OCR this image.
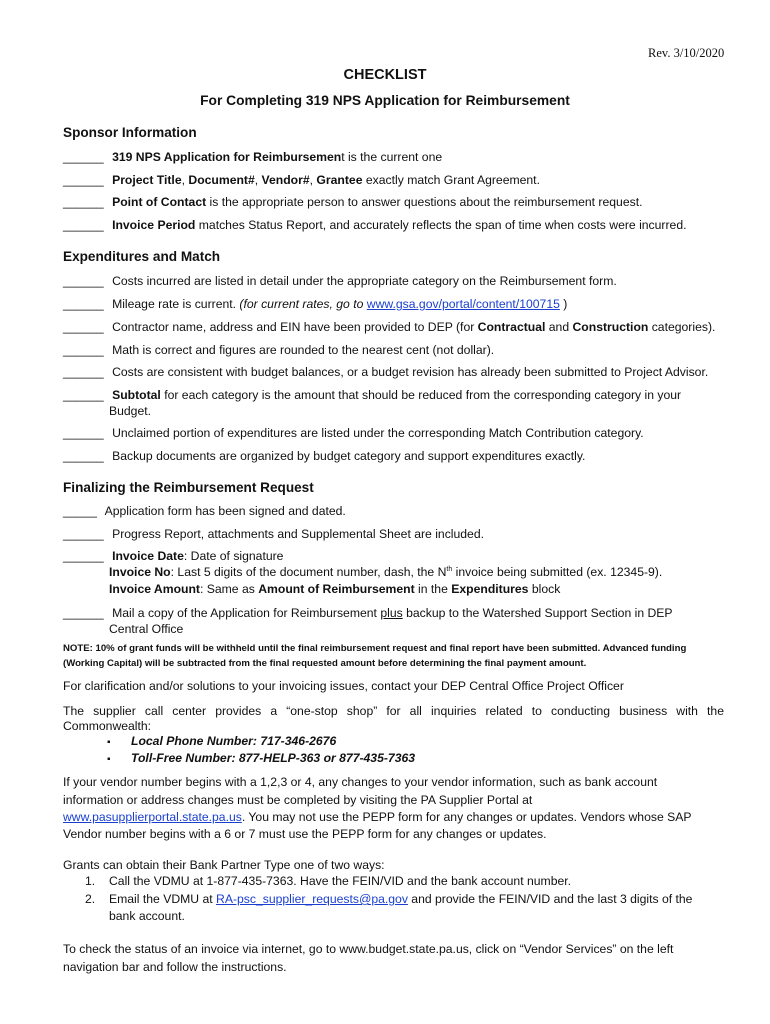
Rev. 3/10/2020
CHECKLIST
For Completing 319 NPS Application for Reimbursement
Sponsor Information
______ 319 NPS Application for Reimbursement is the current one
______ Project Title, Document#, Vendor#, Grantee exactly match Grant Agreement.
______ Point of Contact is the appropriate person to answer questions about the reimbursement request.
______ Invoice Period matches Status Report, and accurately reflects the span of time when costs were incurred.
Expenditures and Match
______ Costs incurred are listed in detail under the appropriate category on the Reimbursement form.
______ Mileage rate is current. (for current rates, go to www.gsa.gov/portal/content/100715 )
______ Contractor name, address and EIN have been provided to DEP (for Contractual and Construction categories).
______ Math is correct and figures are rounded to the nearest cent (not dollar).
______ Costs are consistent with budget balances, or a budget revision has already been submitted to Project Advisor.
______ Subtotal for each category is the amount that should be reduced from the corresponding category in your
Budget.
______ Unclaimed portion of expenditures are listed under the corresponding Match Contribution category.
______ Backup documents are organized by budget category and support expenditures exactly.
Finalizing the Reimbursement Request
_____ Application form has been signed and dated.
______ Progress Report, attachments and Supplemental Sheet are included.
______ Invoice Date: Date of signature
Invoice No: Last 5 digits of the document number, dash, the $N^{th}$ invoice being submitted (ex. 12345-9).
Invoice Amount: Same as Amount of Reimbursement in the Expenditures block
______ Mail a copy of the Application for Reimbursement plus backup to the Watershed Support Section in DEP
Central Office
NOTE: 10% of grant funds will be withheld until the final reimbursement request and final report have been submitted. Advanced funding
(Working Capital) will be subtracted from the final requested amount before determining the final payment amount.
For clarification and/or solutions to your invoicing issues, contact your DEP Central Office Project Officer
The supplier call center provides a “one-stop shop” for all inquiries related to conducting business with the
Commonwealth:
▪ Local Phone Number: 717-346-2676
▪ Toll-Free Number: 877-HELP-363 or 877-435-7363
If your vendor number begins with a 1,2,3 or 4, any changes to your vendor information, such as bank account
information or address changes must be completed by visiting the PA Supplier Portal at
www.pasupplierportal.state.pa.us. You may not use the PEPP form for any changes or updates. Vendors whose SAP
Vendor number begins with a 6 or 7 must use the PEPP form for any changes or updates.
Grants can obtain their Bank Partner Type one of two ways:
1. Call the VDMU at 1-877-435-7363. Have the FEIN/VID and the bank account number.
2. Email the VDMU at RA-psc_supplier_requests@pa.gov and provide the FEIN/VID and the last 3 digits of the
bank account.
To check the status of an invoice via internet, go to www.budget.state.pa.us, click on “Vendor Services” on the left
navigation bar and follow the instructions.
